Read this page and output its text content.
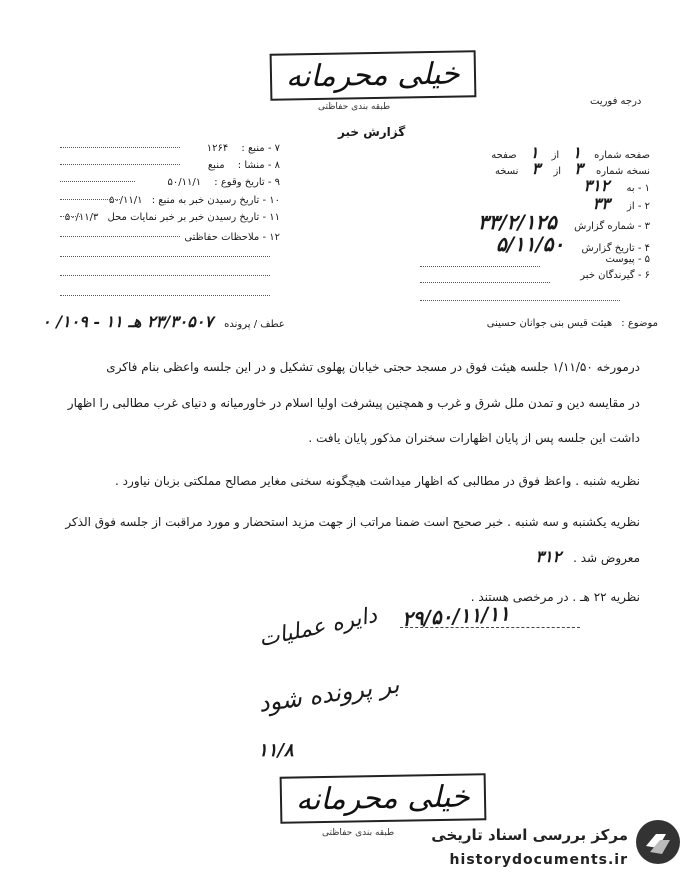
خیلی محرمانه
طبقه بندی حفاظتی	درجه فوریت
گزارش خبر
صفحه شماره ۱ از ۱ صفحه
نسخه شماره ۳ از ۳ نسخه
۱ - به ۳۱۲
۲ - از ۳۳
۳ - شماره گزارش ۳۳/۲/۱۲۵
۴ - تاریخ گزارش ۵/۱۱/۵۰
۵ - پیوست
۶ - گیرندگان خبر
۷ - منبع : ۱۲۶۴
۸ - منشا : منبع
۹ - تاریخ وقوع : ۵۰/۱۱/۱
۱۰ - تاریخ رسیدن خبر به منبع : ۵۰/۱۱/۱
۱۱ - تاریخ رسیدن خبر بر خبر نمایات محل ۵۰/۱۱/۳
۱۲ - ملاحظات حفاظتی
موضوع : هیئت قیس بنی جوانان حسینی
عطف / پرونده ۲۳/۳۰۵۰۷ هـ ۱۱ - ۱۰۹/ ۰
درمورخه ۱/۱۱/۵۰ جلسه هیئت فوق در مسجد حجتی خیابان پهلوی تشکیل و در این جلسه واعظی بنام فاکری
در مقایسه دین و تمدن ملل شرق و غرب و همچنین پیشرفت اولیا اسلام در خاورمیانه و دنیای غرب مطالبی را اظهار
داشت این جلسه پس از پایان اظهارات سخنران مذکور پایان یافت .
نظریه شنبه . واعظ فوق در مطالبی که اظهار میداشت هیچگونه سخنی مغایر مصالح مملکتی بزبان نیاورد .
نظریه یکشنبه و سه شنبه . خبر صحیح است ضمنا مراتب از جهت مزید استحضار و مورد مراقبت از جلسه فوق الذکر
معروض شد . ۳۱۲
نظریه ۲۲ هـ . در مرخصی هستند .
۲۹/۵۰/۱۱/۱۱
دایره عملیات
بر پرونده شود
۱۱/۸
خیلی محرمانه
طبقه بندی حفاظتی مرکز بررسی اسناد تاریخی
historydocuments.ir
